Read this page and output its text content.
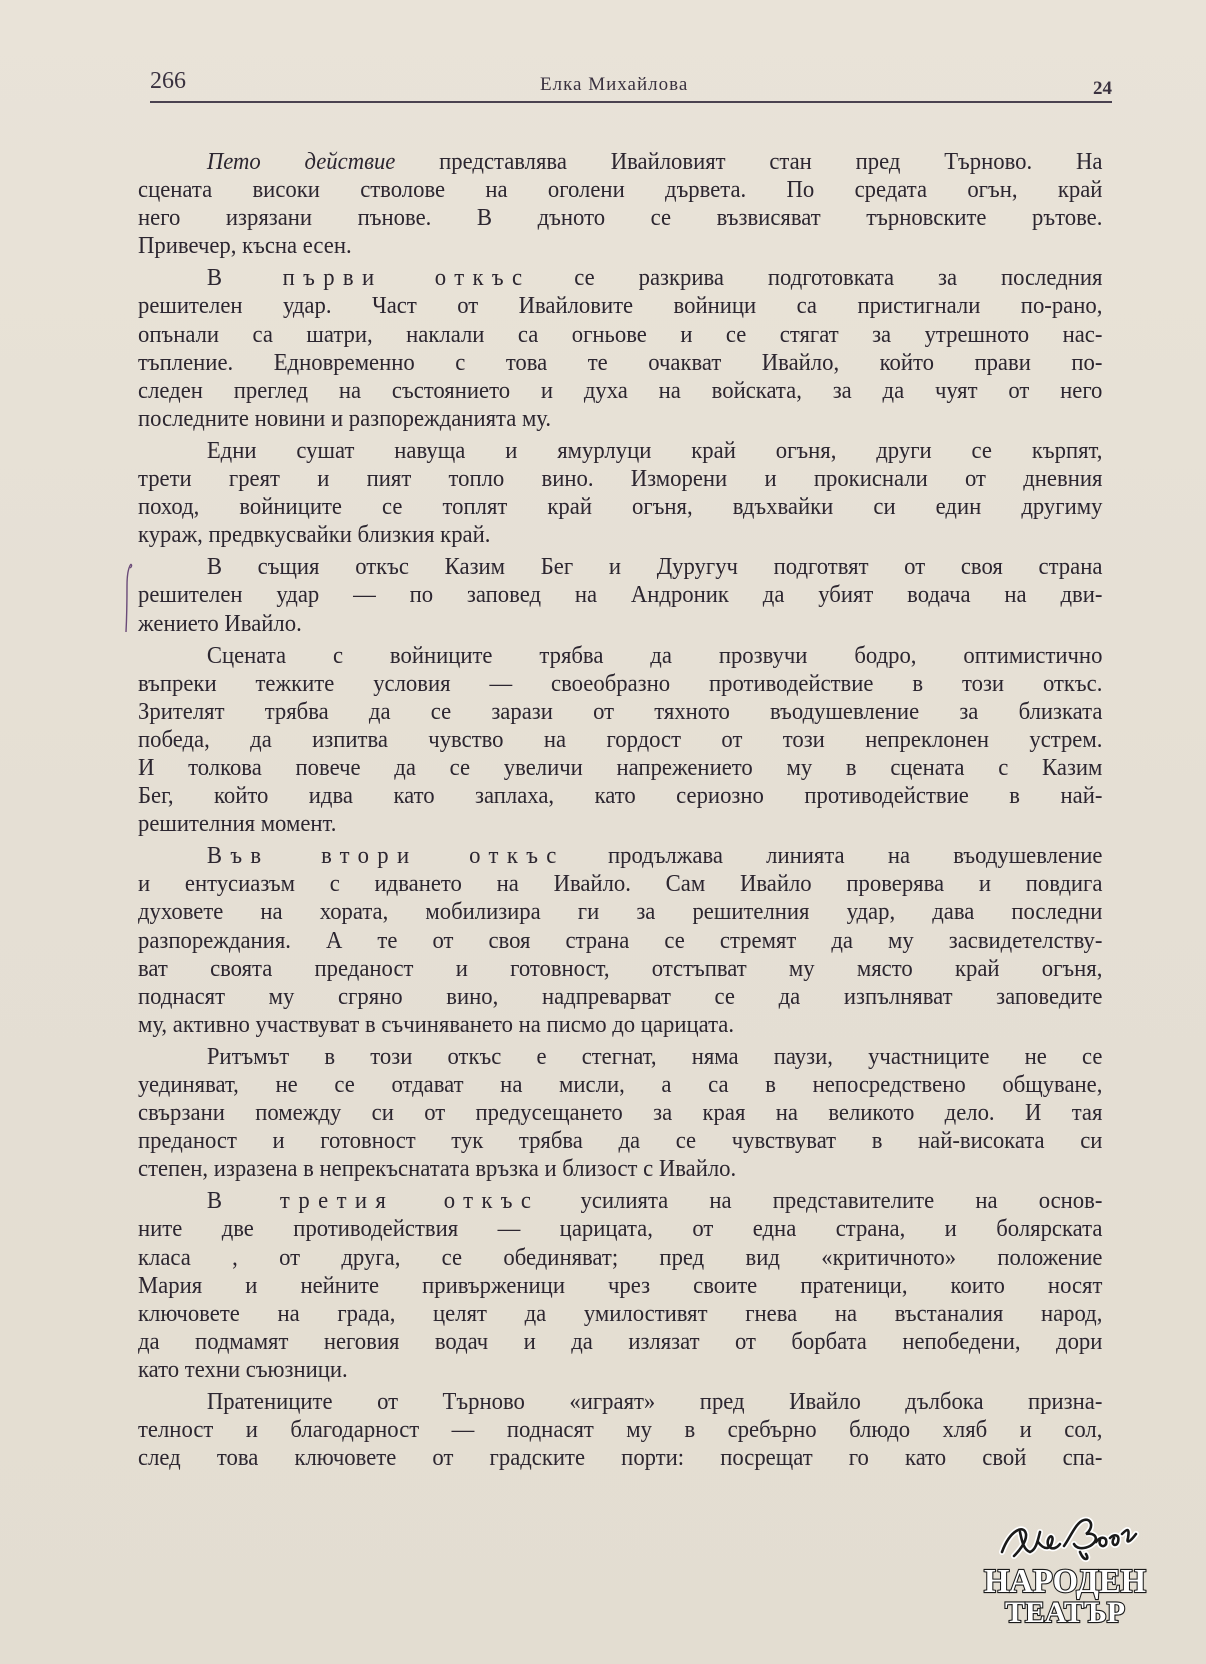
266	Елка Михайлова	24
Пето действие представлява Ивайловият стан пред Търново. На
сцената високи стволове на оголени дървета. По средата огън, край
него изрязани пънове. В дъното се възвисяват търновските рътове.
Привечер, късна есен.
В първи откъс се разкрива подготовката за последния
решителен удар. Част от Ивайловите войници са пристигнали по-рано,
опънали са шатри, наклали са огньове и се стягат за утрешното нас-
тъпление. Едновременно с това те очакват Ивайло, който прави по-
следен преглед на състоянието и духа на войската, за да чуят от него
последните новини и разпорежданията му.
Едни сушат навуща и ямурлуци край огъня, други се кърпят,
трети греят и пият топло вино. Изморени и прокиснали от дневния
поход, войниците се топлят край огъня, вдъхвайки си един другиму
кураж, предвкусвайки близкия край.
В същия откъс Казим Бег и Дуругуч подготвят от своя страна
решителен удар — по заповед на Андроник да убият водача на дви-
жението Ивайло.
Сцената с войниците трябва да прозвучи бодро, оптимистично
въпреки тежките условия — своеобразно противодействие в този откъс.
Зрителят трябва да се зарази от тяхното въодушевление за близката
победа, да изпитва чувство на гордост от този непреклонен устрем.
И толкова повече да се увеличи напрежението му в сцената с Казим
Бег, който идва като заплаха, като сериозно противодействие в най-
решителния момент.
Във втори откъс продължава линията на въодушевление
и ентусиазъм с идването на Ивайло. Сам Ивайло проверява и повдига
духовете на хората, мобилизира ги за решителния удар, дава последни
разпореждания. А те от своя страна се стремят да му засвидетелству-
ват своята преданост и готовност, отстъпват му място край огъня,
поднасят му сгряно вино, надпреварват се да изпълняват заповедите
му, активно участвуват в съчиняването на писмо до царицата.
Ритъмът в този откъс е стегнат, няма паузи, участниците не се
уединяват, не се отдават на мисли, а са в непосредствено общуване,
свързани помежду си от предусещането за края на великото дело. И тая
преданост и готовност тук трябва да се чувствуват в най-високата си
степен, изразена в непрекъснатата връзка и близост с Ивайло.
В третия откъс усилията на представителите на основ-
ните две противодействия — царицата, от една страна, и болярската
класа , от друга, се обединяват; пред вид «критичното» положение
Мария и нейните привърженици чрез своите пратеници, които носят
ключовете на града, целят да умилостивят гнева на въстаналия народ,
да подмамят неговия водач и да излязат от борбата непобедени, дори
като техни съюзници.
Пратениците от Търново «играят» пред Ивайло дълбока призна-
телност и благодарност — поднасят му в сребърно блюдо хляб и сол,
след това ключовете от градските порти: посрещат го като свой спа-
НАРОДЕН
ТЕАТЪР
